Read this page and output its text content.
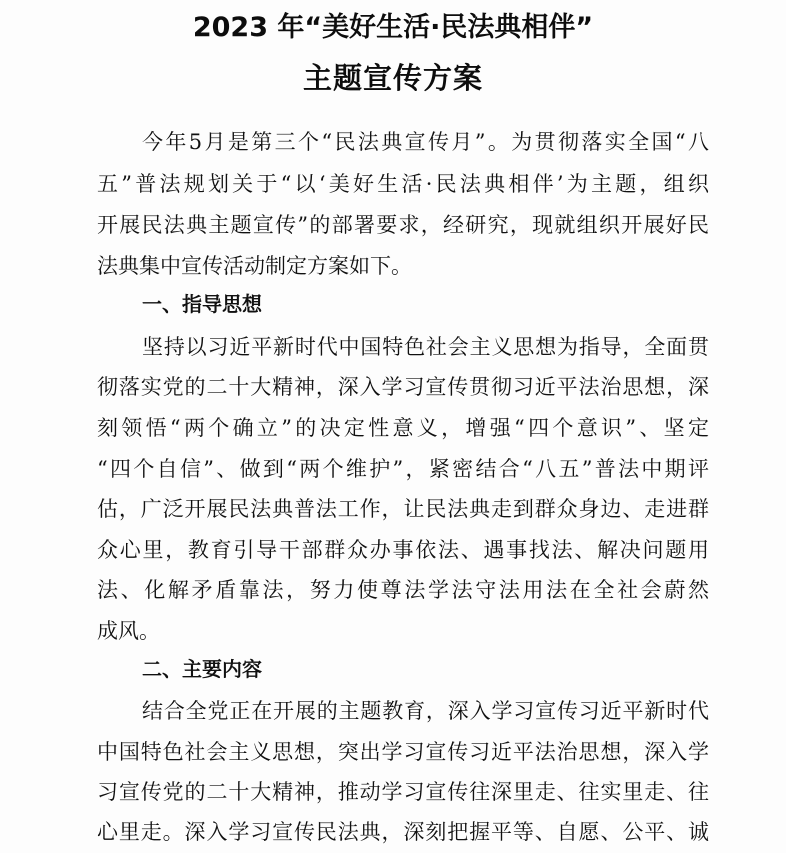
2023 年“美好生活·民法典相伴”
主题宣传方案
今年5月是第三个“民法典宣传月”。为贯彻落实全国“八
五”普法规划关于“以‘美好生活·民法典相伴’为主题，组织
开展民法典主题宣传”的部署要求，经研究，现就组织开展好民
法典集中宣传活动制定方案如下。
一、指导思想
坚持以习近平新时代中国特色社会主义思想为指导，全面贯
彻落实党的二十大精神，深入学习宣传贯彻习近平法治思想，深
刻领悟“两个确立”的决定性意义，增强“四个意识”、坚定
“四个自信”、做到“两个维护”，紧密结合“八五”普法中期评
估，广泛开展民法典普法工作，让民法典走到群众身边、走进群
众心里，教育引导干部群众办事依法、遇事找法、解决问题用
法、化解矛盾靠法，努力使尊法学法守法用法在全社会蔚然
成风。
二、主要内容
结合全党正在开展的主题教育，深入学习宣传习近平新时代
中国特色社会主义思想，突出学习宣传习近平法治思想，深入学
习宣传党的二十大精神，推动学习宣传往深里走、往实里走、往
心里走。深入学习宣传民法典，深刻把握平等、自愿、公平、诚
